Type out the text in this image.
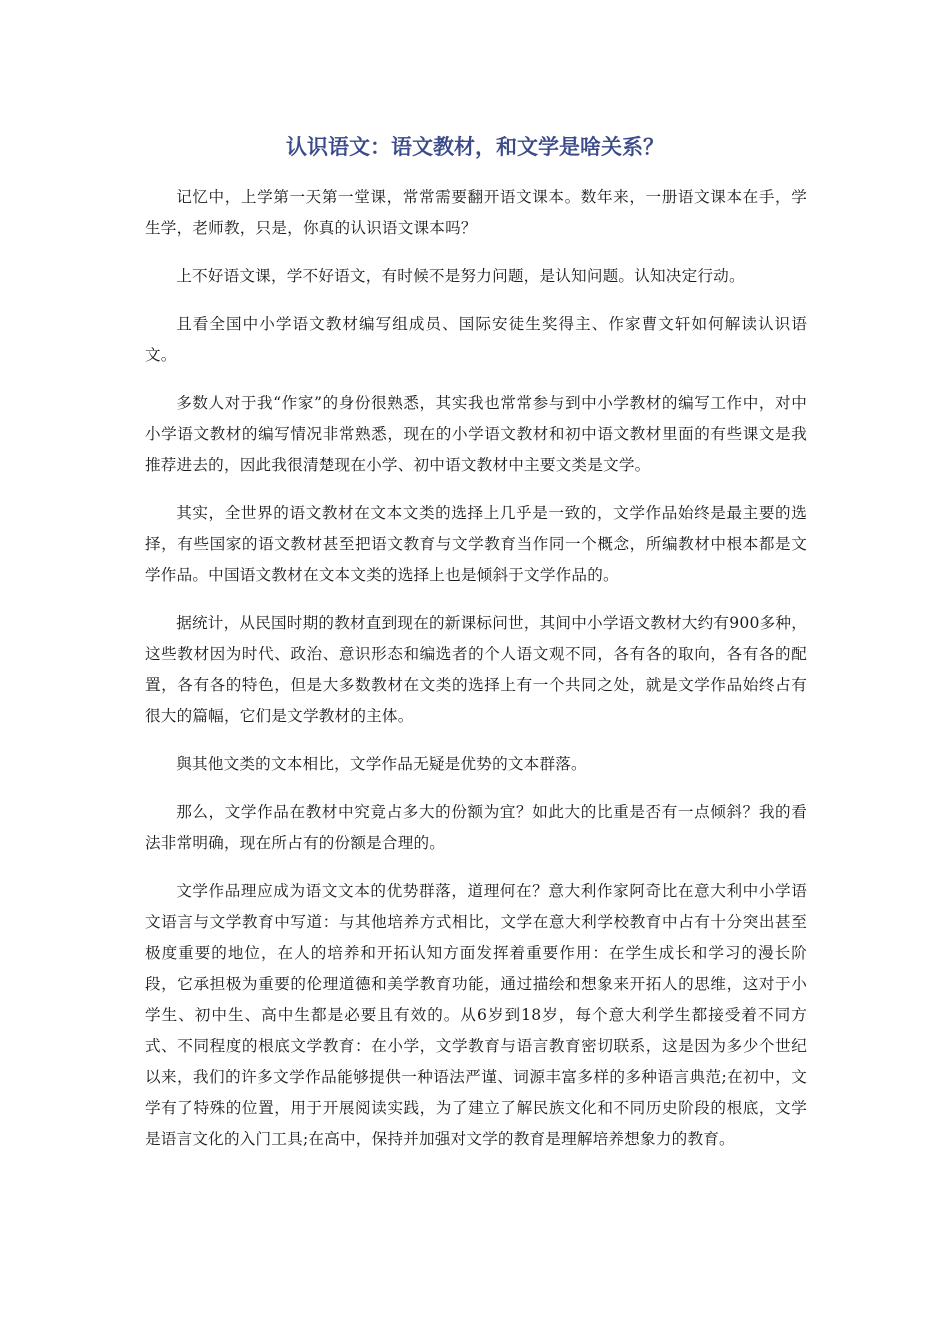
认识语文：语文教材，和文学是啥关系？

记忆中，上学第一天第一堂课，常常需要翻开语文课本。数年来，一册语文课本在手，学生学，老师教，只是，你真的认识语文课本吗？

上不好语文课，学不好语文，有时候不是努力问题，是认知问题。认知决定行动。

且看全国中小学语文教材编写组成员、国际安徒生奖得主、作家曹文轩如何解读认识语文。

多数人对于我“作家”的身份很熟悉，其实我也常常参与到中小学教材的编写工作中，对中小学语文教材的编写情况非常熟悉，现在的小学语文教材和初中语文教材里面的有些课文是我推荐进去的，因此我很清楚现在小学、初中语文教材中主要文类是文学。

其实，全世界的语文教材在文本文类的选择上几乎是一致的，文学作品始终是最主要的选择，有些国家的语文教材甚至把语文教育与文学教育当作同一个概念，所编教材中根本都是文学作品。中国语文教材在文本文类的选择上也是倾斜于文学作品的。

据统计，从民国时期的教材直到现在的新课标问世，其间中小学语文教材大约有900多种，这些教材因为时代、政治、意识形态和编选者的个人语文观不同，各有各的取向，各有各的配置，各有各的特色，但是大多数教材在文类的选择上有一个共同之处，就是文学作品始终占有很大的篇幅，它们是文学教材的主体。

與其他文类的文本相比，文学作品无疑是优势的文本群落。

那么，文学作品在教材中究竟占多大的份额为宜？如此大的比重是否有一点倾斜？我的看法非常明确，现在所占有的份额是合理的。

文学作品理应成为语文文本的优势群落，道理何在？意大利作家阿奇比在意大利中小学语文语言与文学教育中写道：与其他培养方式相比，文学在意大利学校教育中占有十分突出甚至极度重要的地位，在人的培养和开拓认知方面发挥着重要作用：在学生成长和学习的漫长阶段，它承担极为重要的伦理道德和美学教育功能，通过描绘和想象来开拓人的思维，这对于小学生、初中生、高中生都是必要且有效的。从6岁到18岁，每个意大利学生都接受着不同方式、不同程度的根底文学教育：在小学，文学教育与语言教育密切联系，这是因为多少个世纪以来，我们的许多文学作品能够提供一种语法严谨、词源丰富多样的多种语言典范;在初中，文学有了特殊的位置，用于开展阅读实践，为了建立了解民族文化和不同历史阶段的根底，文学是语言文化的入门工具;在高中，保持并加强对文学的教育是理解培养想象力的教育。
